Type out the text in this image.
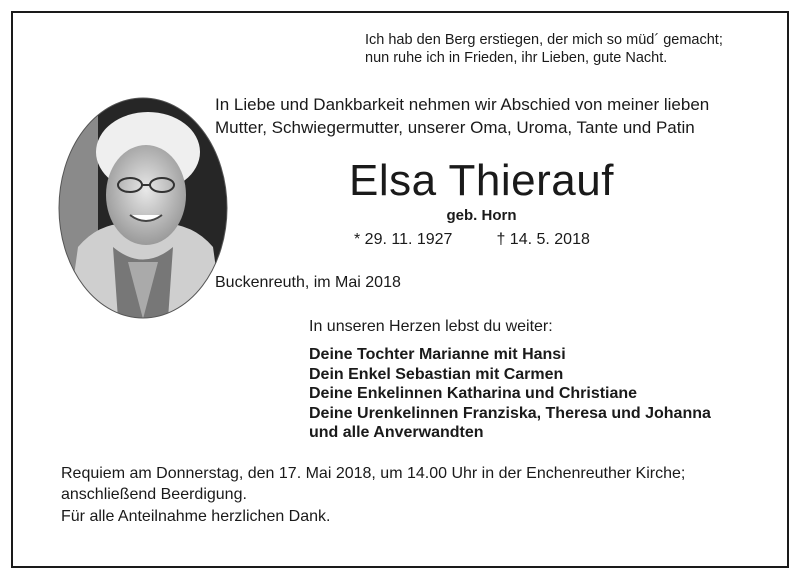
Ich hab den Berg erstiegen, der mich so müd´ gemacht;
nun ruhe ich in Frieden, ihr Lieben, gute Nacht.
In Liebe und Dankbarkeit nehmen wir Abschied von meiner lieben
Mutter, Schwiegermutter, unserer Oma, Uroma, Tante und Patin
Elsa Thierauf
geb. Horn
* 29. 11. 1927	† 14. 5. 2018
Buckenreuth, im Mai 2018
In unseren Herzen lebst du weiter:
Deine Tochter Marianne mit Hansi
Dein Enkel Sebastian mit Carmen
Deine Enkelinnen Katharina und Christiane
Deine Urenkelinnen Franziska, Theresa und Johanna
und alle Anverwandten
Requiem am Donnerstag, den 17. Mai 2018, um 14.00 Uhr in der Enchenreuther Kirche;
anschließend Beerdigung.
Für alle Anteilnahme herzlichen Dank.
